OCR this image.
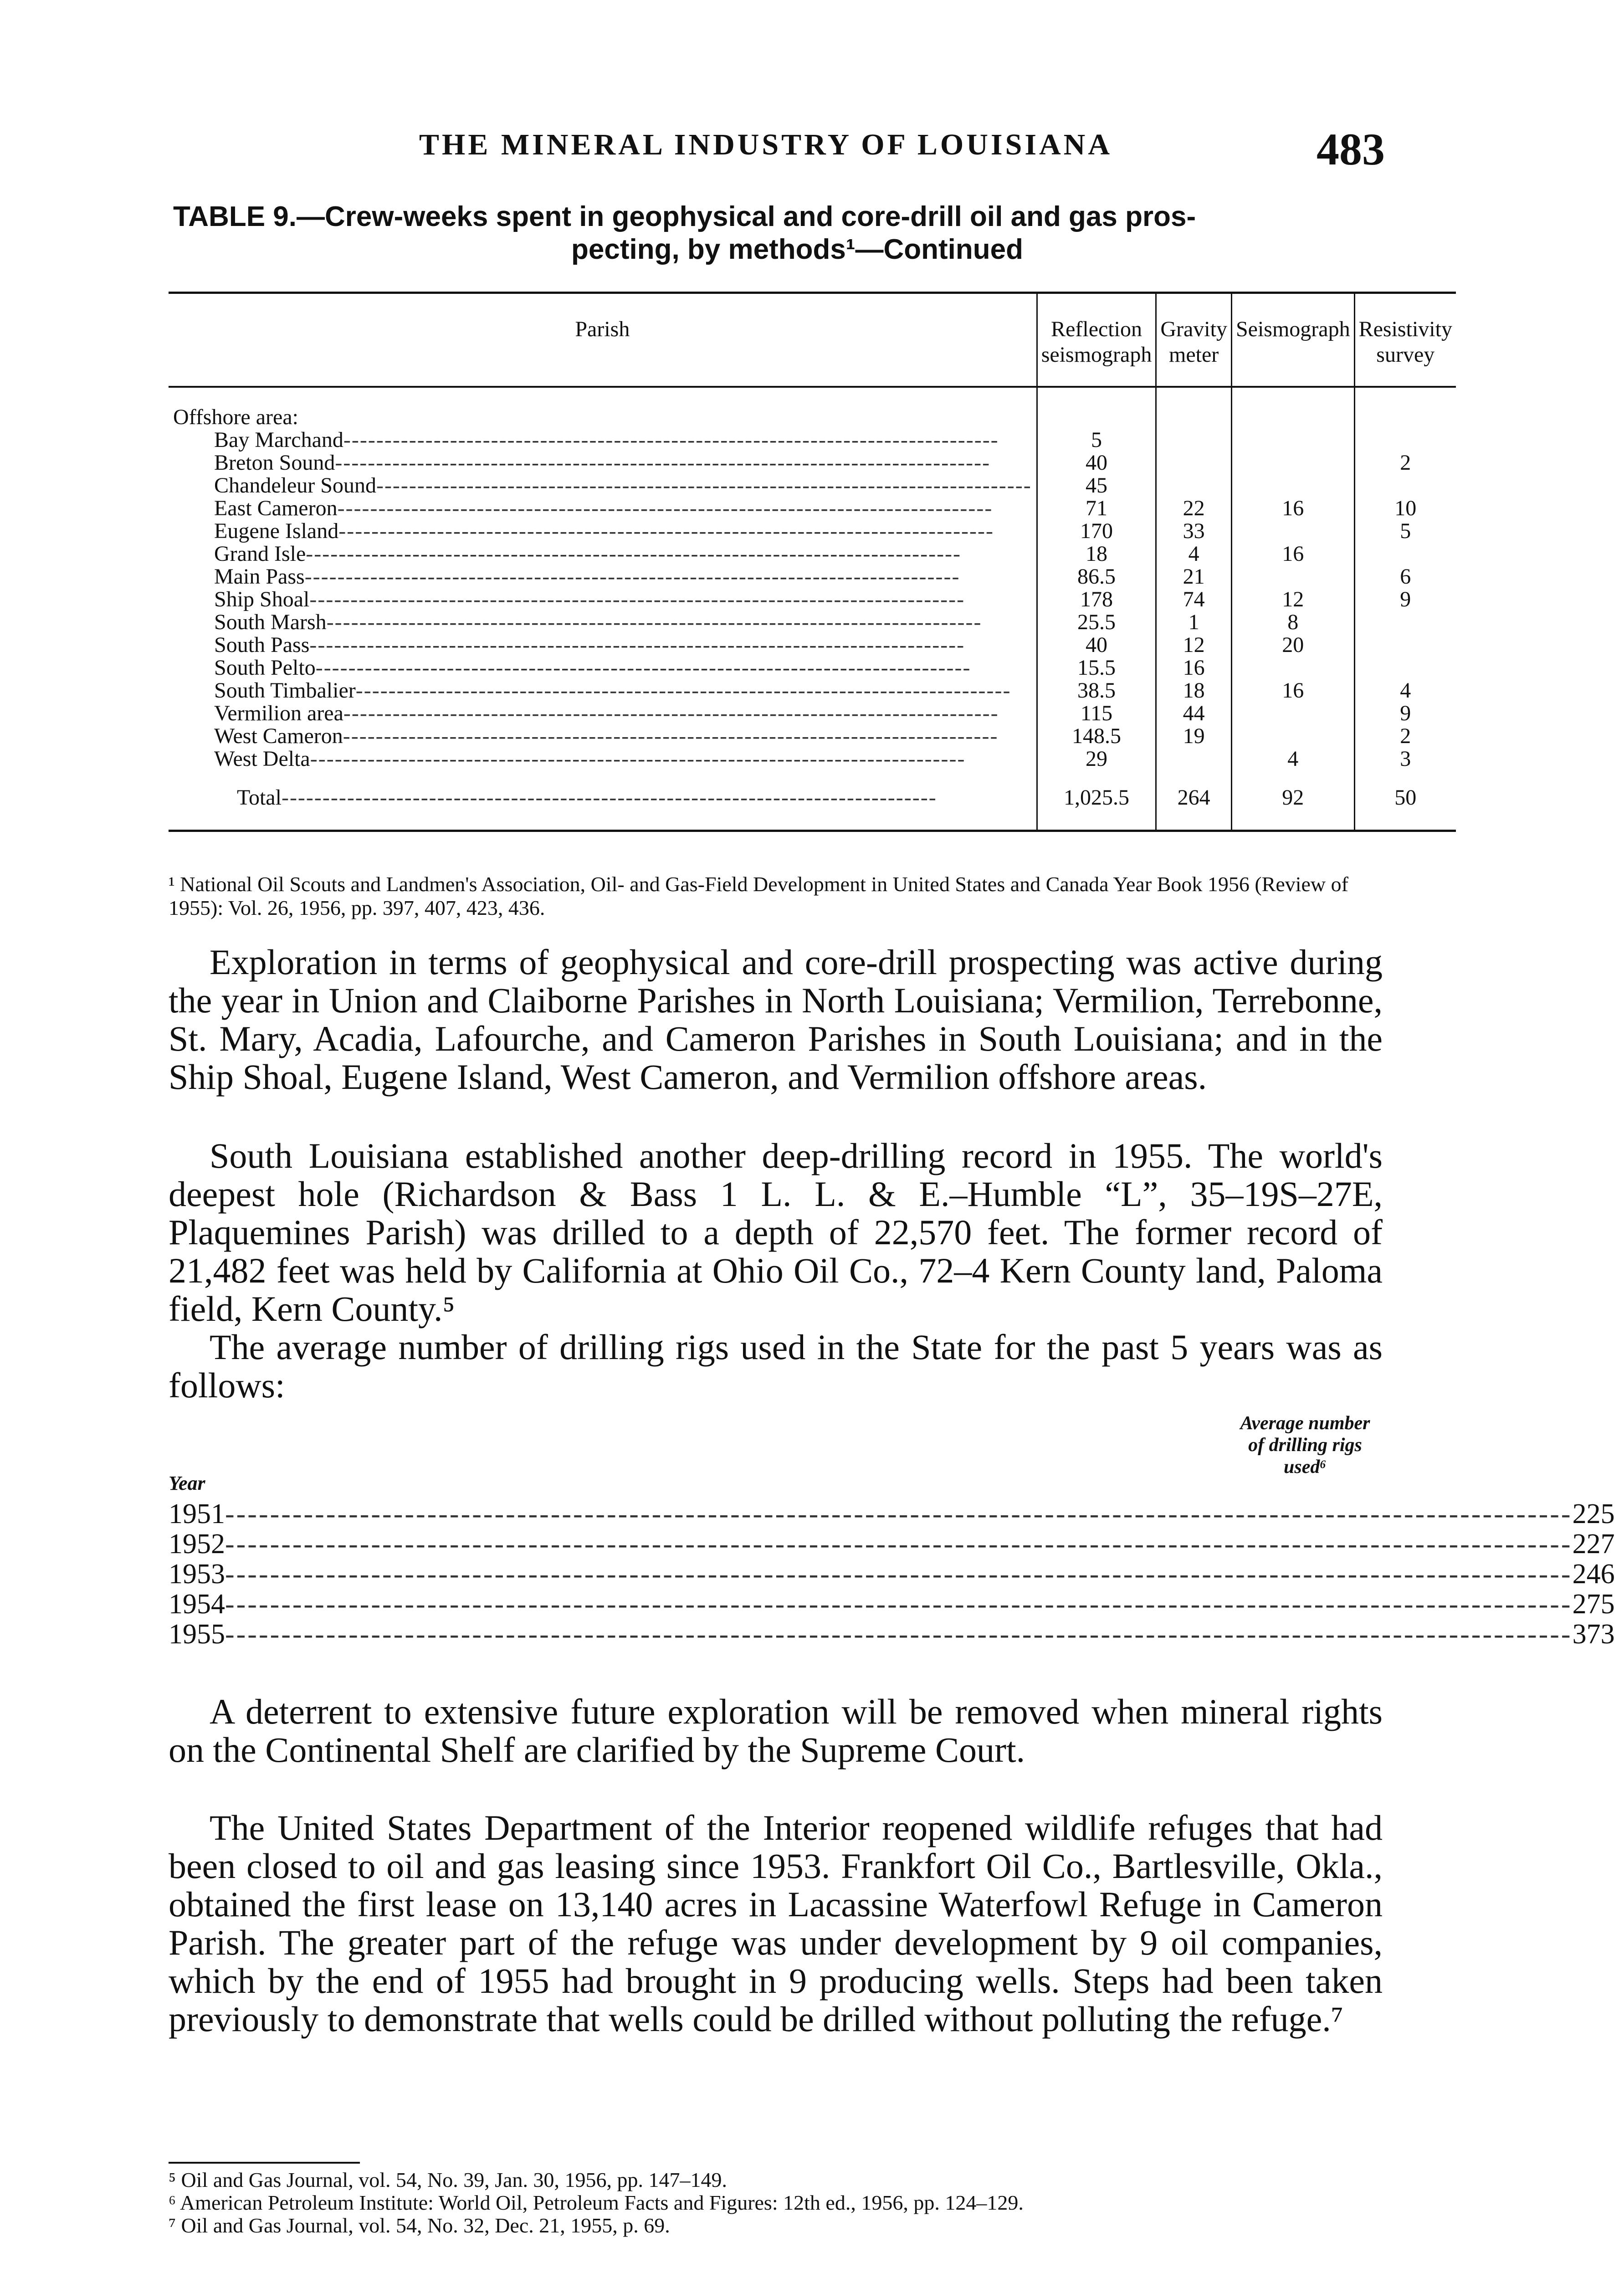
THE MINERAL INDUSTRY OF LOUISIANA	483
TABLE 9.—Crew-weeks spent in geophysical and core-drill oil and gas pros-
pecting, by methods¹—Continued
Parish	Reflection seismograph	Gravity meter	Seismograph	Resistivity survey
Offshore area:				
Bay Marchand--------------------------------------------------------------------------------	5			
Breton Sound--------------------------------------------------------------------------------	40			2
Chandeleur Sound--------------------------------------------------------------------------------	45			
East Cameron--------------------------------------------------------------------------------	71	22	16	10
Eugene Island--------------------------------------------------------------------------------	170	33		5
Grand Isle--------------------------------------------------------------------------------	18	4	16	
Main Pass--------------------------------------------------------------------------------	86.5	21		6
Ship Shoal--------------------------------------------------------------------------------	178	74	12	9
South Marsh--------------------------------------------------------------------------------	25.5	1	8	
South Pass--------------------------------------------------------------------------------	40	12	20	
South Pelto--------------------------------------------------------------------------------	15.5	16		
South Timbalier--------------------------------------------------------------------------------	38.5	18	16	4
Vermilion area--------------------------------------------------------------------------------	115	44		9
West Cameron--------------------------------------------------------------------------------	148.5	19		2
West Delta--------------------------------------------------------------------------------	29		4	3
Total--------------------------------------------------------------------------------	1,025.5	264	92	50
¹ National Oil Scouts and Landmen's Association, Oil- and Gas-Field Development in United States and Canada Year Book 1956 (Review of 1955): Vol. 26, 1956, pp. 397, 407, 423, 436.

Exploration in terms of geophysical and core-drill prospecting was active during the year in Union and Claiborne Parishes in North Louisiana; Vermilion, Terrebonne, St. Mary, Acadia, Lafourche, and Cameron Parishes in South Louisiana; and in the Ship Shoal, Eugene Island, West Cameron, and Vermilion offshore areas.

South Louisiana established another deep-drilling record in 1955. The world's deepest hole (Richardson & Bass 1 L. L. & E.–Humble “L”, 35–19S–27E, Plaquemines Parish) was drilled to a depth of 22,570 feet. The former record of 21,482 feet was held by California at Ohio Oil Co., 72–4 Kern County land, Paloma field, Kern County.⁵

The average number of drilling rigs used in the State for the past 5 years was as follows:

Year
Average number of drilling rigs used⁶
1951 ------------------------------------------------------------------------------------------------------------------------ 225
1952 ------------------------------------------------------------------------------------------------------------------------ 227
1953 ------------------------------------------------------------------------------------------------------------------------ 246
1954 ------------------------------------------------------------------------------------------------------------------------ 275
1955 ------------------------------------------------------------------------------------------------------------------------ 373

A deterrent to extensive future exploration will be removed when mineral rights on the Continental Shelf are clarified by the Supreme Court.

The United States Department of the Interior reopened wildlife refuges that had been closed to oil and gas leasing since 1953. Frankfort Oil Co., Bartlesville, Okla., obtained the first lease on 13,140 acres in Lacassine Waterfowl Refuge in Cameron Parish. The greater part of the refuge was under development by 9 oil companies, which by the end of 1955 had brought in 9 producing wells. Steps had been taken previously to demonstrate that wells could be drilled without polluting the refuge.⁷

⁵ Oil and Gas Journal, vol. 54, No. 39, Jan. 30, 1956, pp. 147–149.
⁶ American Petroleum Institute: World Oil, Petroleum Facts and Figures: 12th ed., 1956, pp. 124–129.
⁷ Oil and Gas Journal, vol. 54, No. 32, Dec. 21, 1955, p. 69.
